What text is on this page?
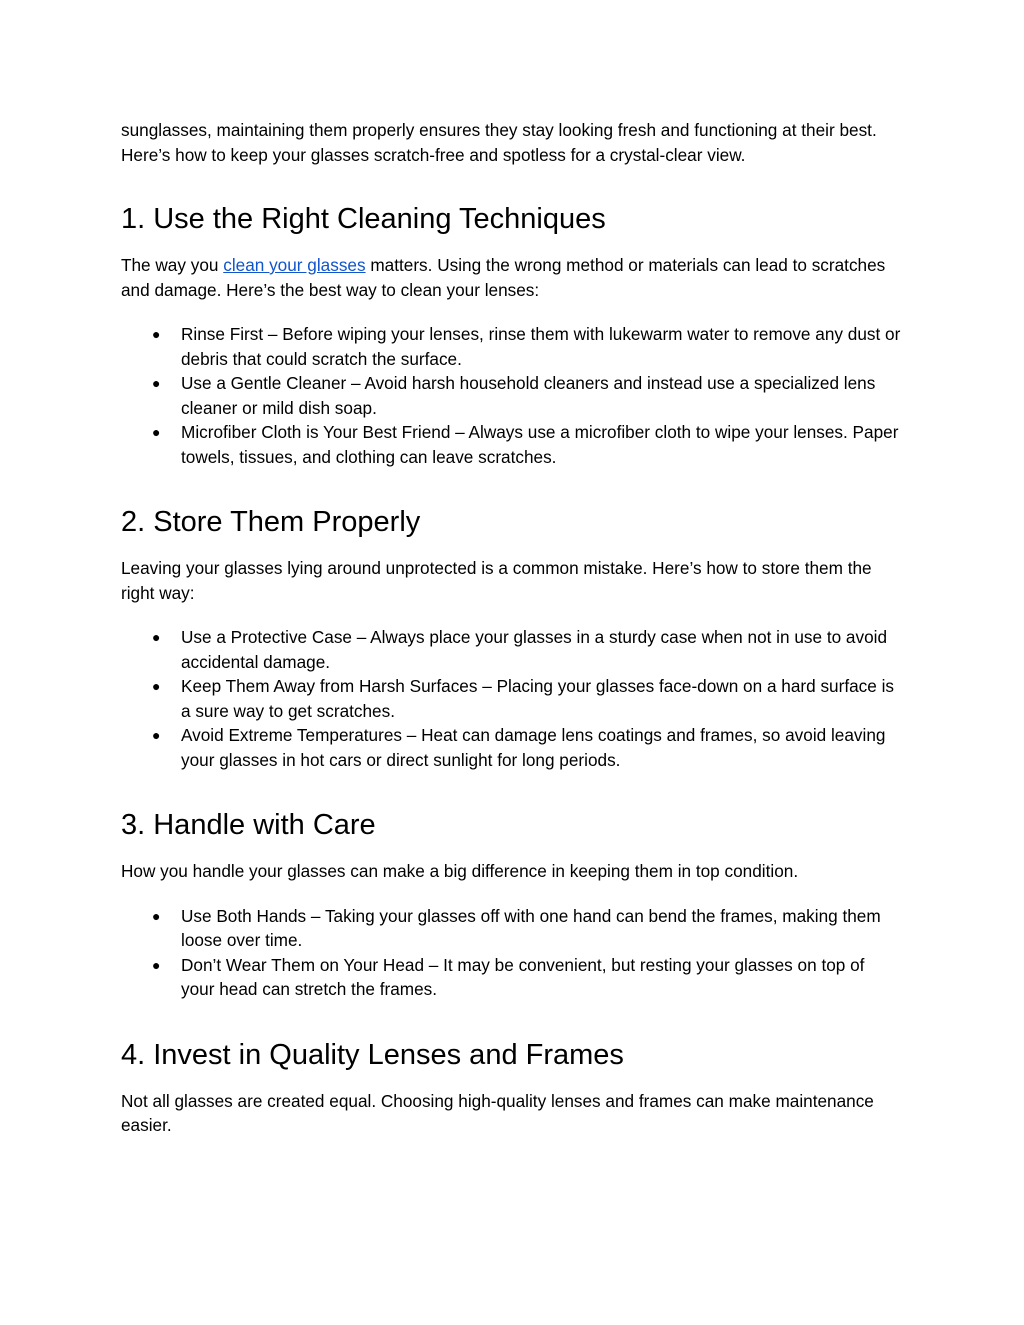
sunglasses, maintaining them properly ensures they stay looking fresh and functioning at their best. Here’s how to keep your glasses scratch-free and spotless for a crystal-clear view.

1. Use the Right Cleaning Techniques

The way you clean your glasses matters. Using the wrong method or materials can lead to scratches and damage. Here’s the best way to clean your lenses:

● Rinse First – Before wiping your lenses, rinse them with lukewarm water to remove any dust or debris that could scratch the surface.
● Use a Gentle Cleaner – Avoid harsh household cleaners and instead use a specialized lens cleaner or mild dish soap.
● Microfiber Cloth is Your Best Friend – Always use a microfiber cloth to wipe your lenses. Paper towels, tissues, and clothing can leave scratches.
2. Store Them Properly

Leaving your glasses lying around unprotected is a common mistake. Here’s how to store them the right way:

● Use a Protective Case – Always place your glasses in a sturdy case when not in use to avoid accidental damage.
● Keep Them Away from Harsh Surfaces – Placing your glasses face-down on a hard surface is a sure way to get scratches.
● Avoid Extreme Temperatures – Heat can damage lens coatings and frames, so avoid leaving your glasses in hot cars or direct sunlight for long periods.
3. Handle with Care

How you handle your glasses can make a big difference in keeping them in top condition.

● Use Both Hands – Taking your glasses off with one hand can bend the frames, making them loose over time.
● Don’t Wear Them on Your Head – It may be convenient, but resting your glasses on top of your head can stretch the frames.
4. Invest in Quality Lenses and Frames

Not all glasses are created equal. Choosing high-quality lenses and frames can make maintenance easier.
